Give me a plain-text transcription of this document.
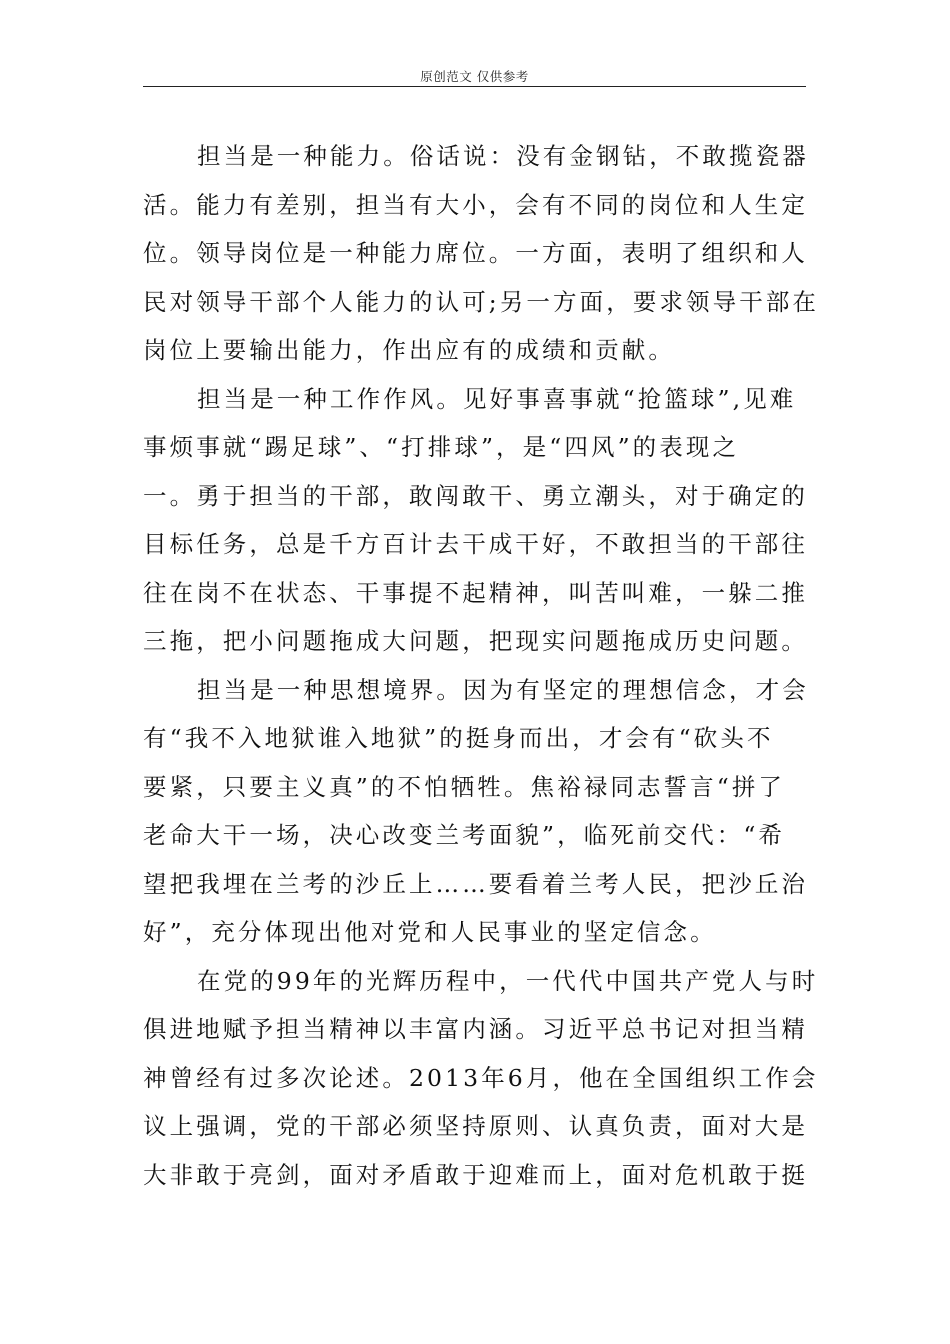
原创范文 仅供参考
担当是一种能力。俗话说：没有金钢钻，不敢揽瓷器
活。能力有差别，担当有大小，会有不同的岗位和人生定
位。领导岗位是一种能力席位。一方面，表明了组织和人
民对领导干部个人能力的认可;另一方面，要求领导干部在
岗位上要输出能力，作出应有的成绩和贡献。
担当是一种工作作风。见好事喜事就“抢篮球”,见难
事烦事就“踢足球”、“打排球”，是“四风”的表现之
一。勇于担当的干部，敢闯敢干、勇立潮头，对于确定的
目标任务，总是千方百计去干成干好，不敢担当的干部往
往在岗不在状态、干事提不起精神，叫苦叫难，一躲二推
三拖，把小问题拖成大问题，把现实问题拖成历史问题。
担当是一种思想境界。因为有坚定的理想信念，才会
有“我不入地狱谁入地狱”的挺身而出，才会有“砍头不
要紧，只要主义真”的不怕牺牲。焦裕禄同志誓言“拼了
老命大干一场，决心改变兰考面貌”，临死前交代：“希
望把我埋在兰考的沙丘上……要看着兰考人民，把沙丘治
好”，充分体现出他对党和人民事业的坚定信念。
在党的99年的光辉历程中，一代代中国共产党人与时
俱进地赋予担当精神以丰富内涵。习近平总书记对担当精
神曾经有过多次论述。2013年6月，他在全国组织工作会
议上强调，党的干部必须坚持原则、认真负责，面对大是
大非敢于亮剑，面对矛盾敢于迎难而上，面对危机敢于挺
